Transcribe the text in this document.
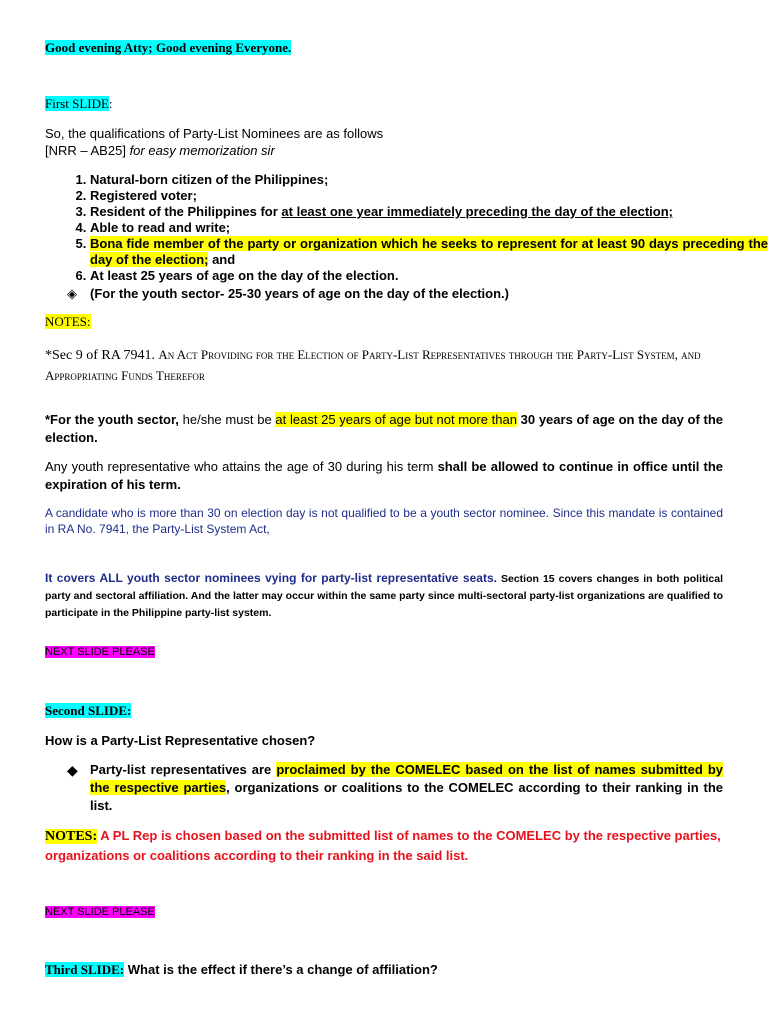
Good evening Atty; Good evening Everyone.
First SLIDE:
So, the qualifications of Party-List Nominees are as follows
[NRR – AB25] for easy memorization sir
1. Natural-born citizen of the Philippines;
2. Registered voter;
3. Resident of the Philippines for at least one year immediately preceding the day of the election;
4. Able to read and write;
5. Bona fide member of the party or organization which he seeks to represent for at least 90 days preceding the day of the election; and
6. At least 25 years of age on the day of the election.
◈ (For the youth sector- 25-30 years of age on the day of the election.)
NOTES:
*Sec 9 of RA 7941. An Act Providing for the Election of Party-List Representatives through the Party-List System, and Appropriating Funds Therefor
*For the youth sector, he/she must be at least 25 years of age but not more than 30 years of age on the day of the election.
Any youth representative who attains the age of 30 during his term shall be allowed to continue in office until the expiration of his term.
A candidate who is more than 30 on election day is not qualified to be a youth sector nominee. Since this mandate is contained in RA No. 7941, the Party-List System Act,
It covers ALL youth sector nominees vying for party-list representative seats. Section 15 covers changes in both political party and sectoral affiliation. And the latter may occur within the same party since multi-sectoral party-list organizations are qualified to participate in the Philippine party-list system.
NEXT SLIDE PLEASE
Second SLIDE:
How is a Party-List Representative chosen?
◆ Party-list representatives are proclaimed by the COMELEC based on the list of names submitted by the respective parties, organizations or coalitions to the COMELEC according to their ranking in the list.
NOTES: A PL Rep is chosen based on the submitted list of names to the COMELEC by the respective parties, organizations or coalitions according to their ranking in the said list.
NEXT SLIDE PLEASE
Third SLIDE: What is the effect if there’s a change of affiliation?
